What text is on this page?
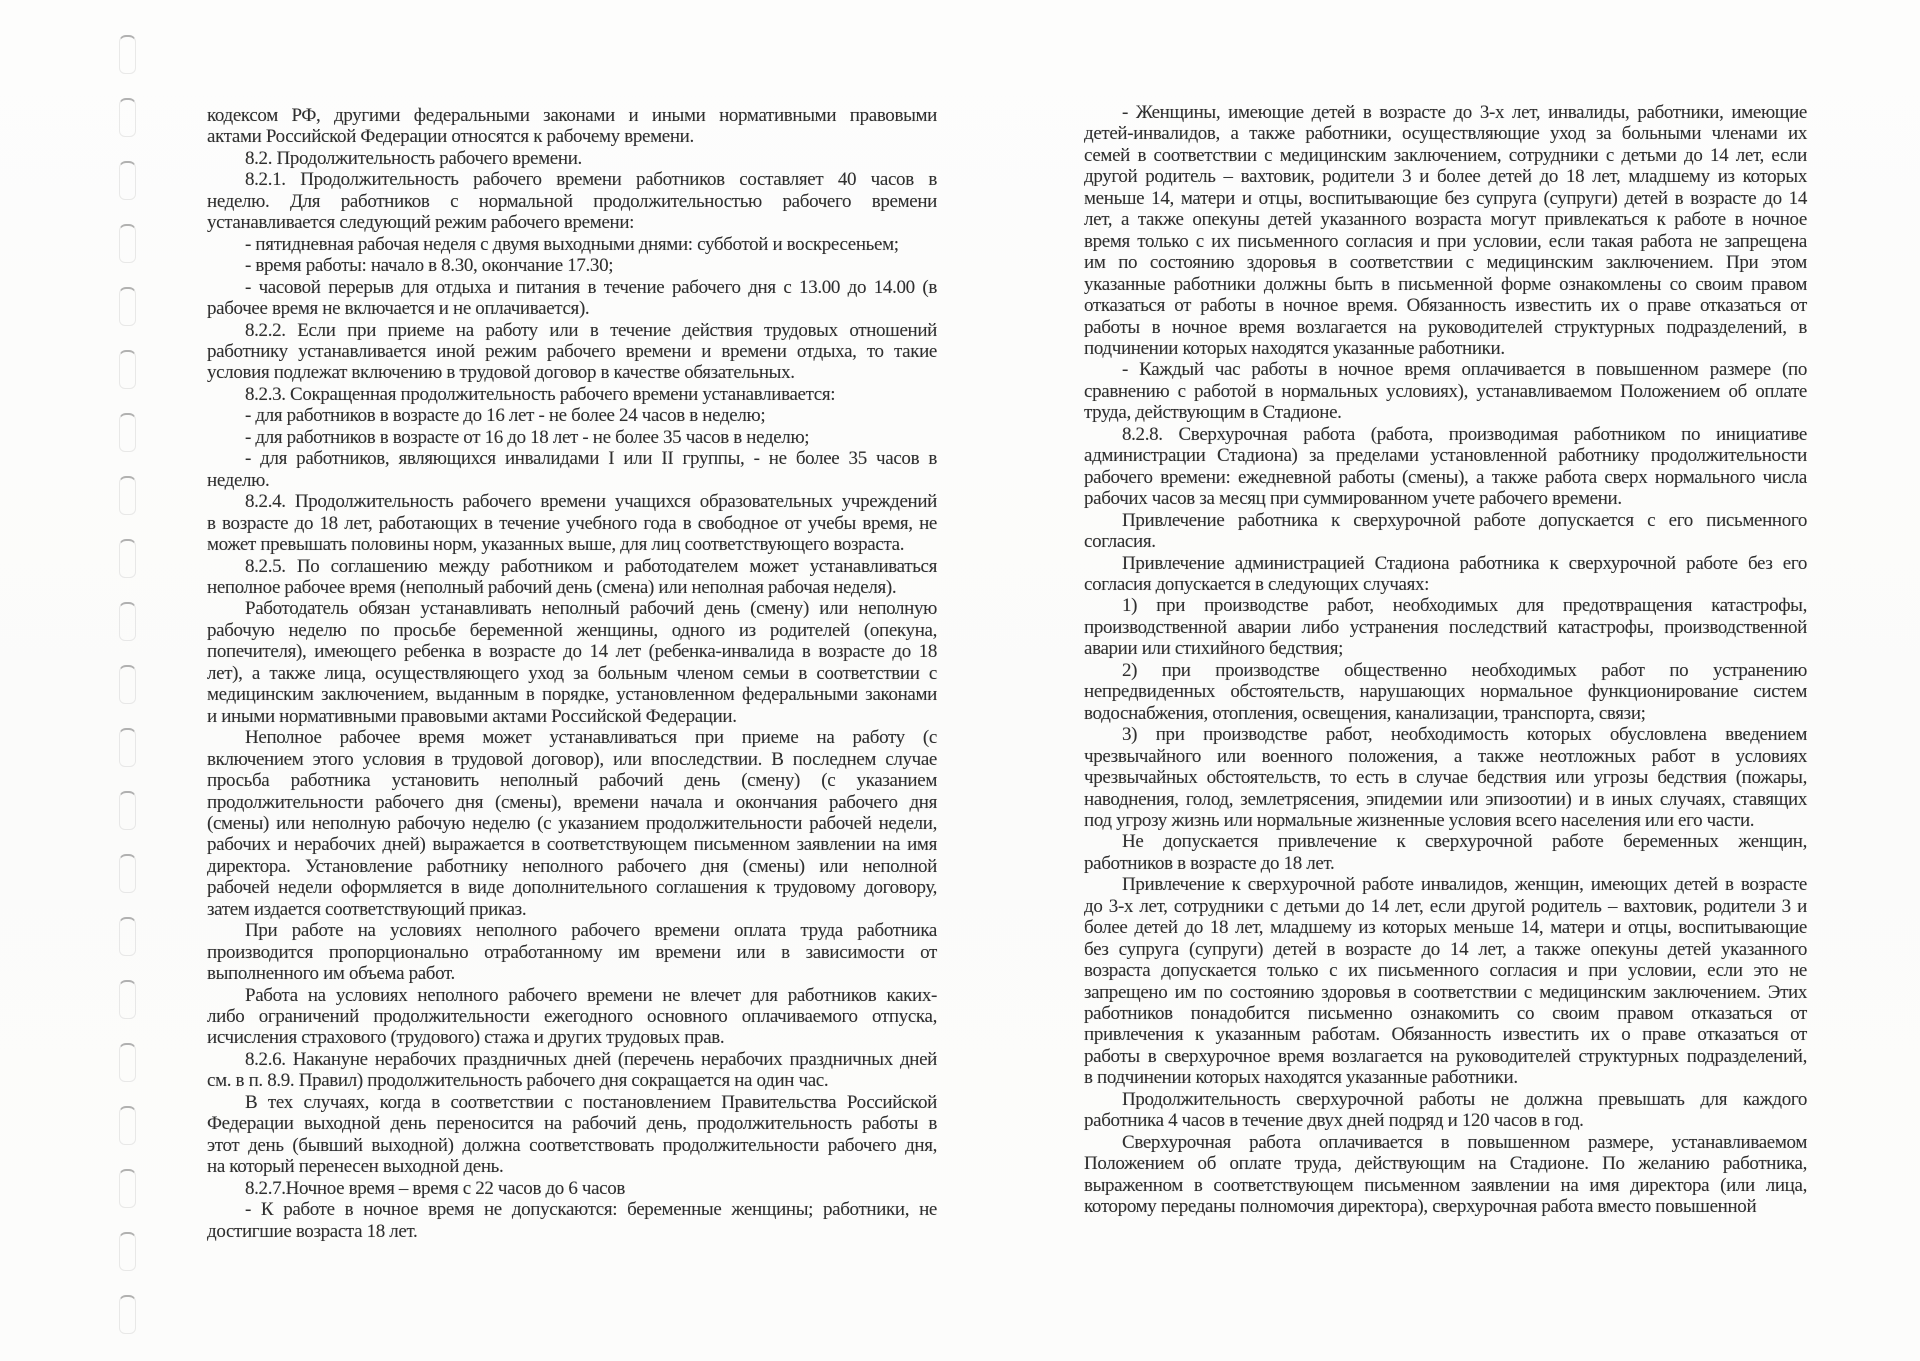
кодексом РФ, другими федеральными законами и иными нормативными правовыми
актами Российской Федерации относятся к рабочему времени.
8.2. Продолжительность рабочего времени.
8.2.1. Продолжительность рабочего времени работников составляет 40 часов в
неделю. Для работников с нормальной продолжительностью рабочего времени
устанавливается следующий режим рабочего времени:
- пятидневная рабочая неделя с двумя выходными днями: субботой и воскресеньем;
- время работы: начало в 8.30, окончание 17.30;
- часовой перерыв для отдыха и питания в течение рабочего дня с 13.00 до 14.00 (в
рабочее время не включается и не оплачивается).
8.2.2. Если при приеме на работу или в течение действия трудовых отношений
работнику устанавливается иной режим рабочего времени и времени отдыха, то такие
условия подлежат включению в трудовой договор в качестве обязательных.
8.2.3. Сокращенная продолжительность рабочего времени устанавливается:
- для работников в возрасте до 16 лет - не более 24 часов в неделю;
- для работников в возрасте от 16 до 18 лет - не более 35 часов в неделю;
- для работников, являющихся инвалидами I или II группы, - не более 35 часов в
неделю.
8.2.4. Продолжительность рабочего времени учащихся образовательных учреждений
в возрасте до 18 лет, работающих в течение учебного года в свободное от учебы время, не
может превышать половины норм, указанных выше, для лиц соответствующего возраста.
8.2.5. По соглашению между работником и работодателем может устанавливаться
неполное рабочее время (неполный рабочий день (смена) или неполная рабочая неделя).
Работодатель обязан устанавливать неполный рабочий день (смену) или неполную
рабочую неделю по просьбе беременной женщины, одного из родителей (опекуна,
попечителя), имеющего ребенка в возрасте до 14 лет (ребенка-инвалида в возрасте до 18
лет), а также лица, осуществляющего уход за больным членом семьи в соответствии с
медицинским заключением, выданным в порядке, установленном федеральными законами
и иными нормативными правовыми актами Российской Федерации.
Неполное рабочее время может устанавливаться при приеме на работу (с
включением этого условия в трудовой договор), или впоследствии. В последнем случае
просьба работника установить неполный рабочий день (смену) (с указанием
продолжительности рабочего дня (смены), времени начала и окончания рабочего дня
(смены) или неполную рабочую неделю (с указанием продолжительности рабочей недели,
рабочих и нерабочих дней) выражается в соответствующем письменном заявлении на имя
директора. Установление работнику неполного рабочего дня (смены) или неполной
рабочей недели оформляется в виде дополнительного соглашения к трудовому договору,
затем издается соответствующий приказ.
При работе на условиях неполного рабочего времени оплата труда работника
производится пропорционально отработанному им времени или в зависимости от
выполненного им объема работ.
Работа на условиях неполного рабочего времени не влечет для работников каких-
либо ограничений продолжительности ежегодного основного оплачиваемого отпуска,
исчисления страхового (трудового) стажа и других трудовых прав.
8.2.6. Накануне нерабочих праздничных дней (перечень нерабочих праздничных дней
см. в п. 8.9. Правил) продолжительность рабочего дня сокращается на один час.
В тех случаях, когда в соответствии с постановлением Правительства Российской
Федерации выходной день переносится на рабочий день, продолжительность работы в
этот день (бывший выходной) должна соответствовать продолжительности рабочего дня,
на который перенесен выходной день.
8.2.7.Ночное время – время с 22 часов до 6 часов
- К работе в ночное время не допускаются: беременные женщины; работники, не
достигшие возраста 18 лет.
- Женщины, имеющие детей в возрасте до 3-х лет, инвалиды, работники, имеющие
детей-инвалидов, а также работники, осуществляющие уход за больными членами их
семей в соответствии с медицинским заключением, сотрудники с детьми до 14 лет, если
другой родитель – вахтовик, родители 3 и более детей до 18 лет, младшему из которых
меньше 14, матери и отцы, воспитывающие без супруга (супруги) детей в возрасте до 14
лет, а также опекуны детей указанного возраста могут привлекаться к работе в ночное
время только с их письменного согласия и при условии, если такая работа не запрещена
им по состоянию здоровья в соответствии с медицинским заключением. При этом
указанные работники должны быть в письменной форме ознакомлены со своим правом
отказаться от работы в ночное время. Обязанность известить их о праве отказаться от
работы в ночное время возлагается на руководителей структурных подразделений, в
подчинении которых находятся указанные работники.
- Каждый час работы в ночное время оплачивается в повышенном размере (по
сравнению с работой в нормальных условиях), устанавливаемом Положением об оплате
труда, действующим в Стадионе.
8.2.8. Сверхурочная работа (работа, производимая работником по инициативе
администрации Стадиона) за пределами установленной работнику продолжительности
рабочего времени: ежедневной работы (смены), а также работа сверх нормального числа
рабочих часов за месяц при суммированном учете рабочего времени.
Привлечение работника к сверхурочной работе допускается с его письменного
согласия.
Привлечение администрацией Стадиона работника к сверхурочной работе без его
согласия допускается в следующих случаях:
1) при производстве работ, необходимых для предотвращения катастрофы,
производственной аварии либо устранения последствий катастрофы, производственной
аварии или стихийного бедствия;
2) при производстве общественно необходимых работ по устранению
непредвиденных обстоятельств, нарушающих нормальное функционирование систем
водоснабжения, отопления, освещения, канализации, транспорта, связи;
3) при производстве работ, необходимость которых обусловлена введением
чрезвычайного или военного положения, а также неотложных работ в условиях
чрезвычайных обстоятельств, то есть в случае бедствия или угрозы бедствия (пожары,
наводнения, голод, землетрясения, эпидемии или эпизоотии) и в иных случаях, ставящих
под угрозу жизнь или нормальные жизненные условия всего населения или его части.
Не допускается привлечение к сверхурочной работе беременных женщин,
работников в возрасте до 18 лет.
Привлечение к сверхурочной работе инвалидов, женщин, имеющих детей в возрасте
до 3-х лет, сотрудники с детьми до 14 лет, если другой родитель – вахтовик, родители 3 и
более детей до 18 лет, младшему из которых меньше 14, матери и отцы, воспитывающие
без супруга (супруги) детей в возрасте до 14 лет, а также опекуны детей указанного
возраста допускается только с их письменного согласия и при условии, если это не
запрещено им по состоянию здоровья в соответствии с медицинским заключением. Этих
работников понадобится письменно ознакомить со своим правом отказаться от
привлечения к указанным работам. Обязанность известить их о праве отказаться от
работы в сверхурочное время возлагается на руководителей структурных подразделений,
в подчинении которых находятся указанные работники.
Продолжительность сверхурочной работы не должна превышать для каждого
работника 4 часов в течение двух дней подряд и 120 часов в год.
Сверхурочная работа оплачивается в повышенном размере, устанавливаемом
Положением об оплате труда, действующим на Стадионе. По желанию работника,
выраженном в соответствующем письменном заявлении на имя директора (или лица,
которому переданы полномочия директора), сверхурочная работа вместо повышенной
